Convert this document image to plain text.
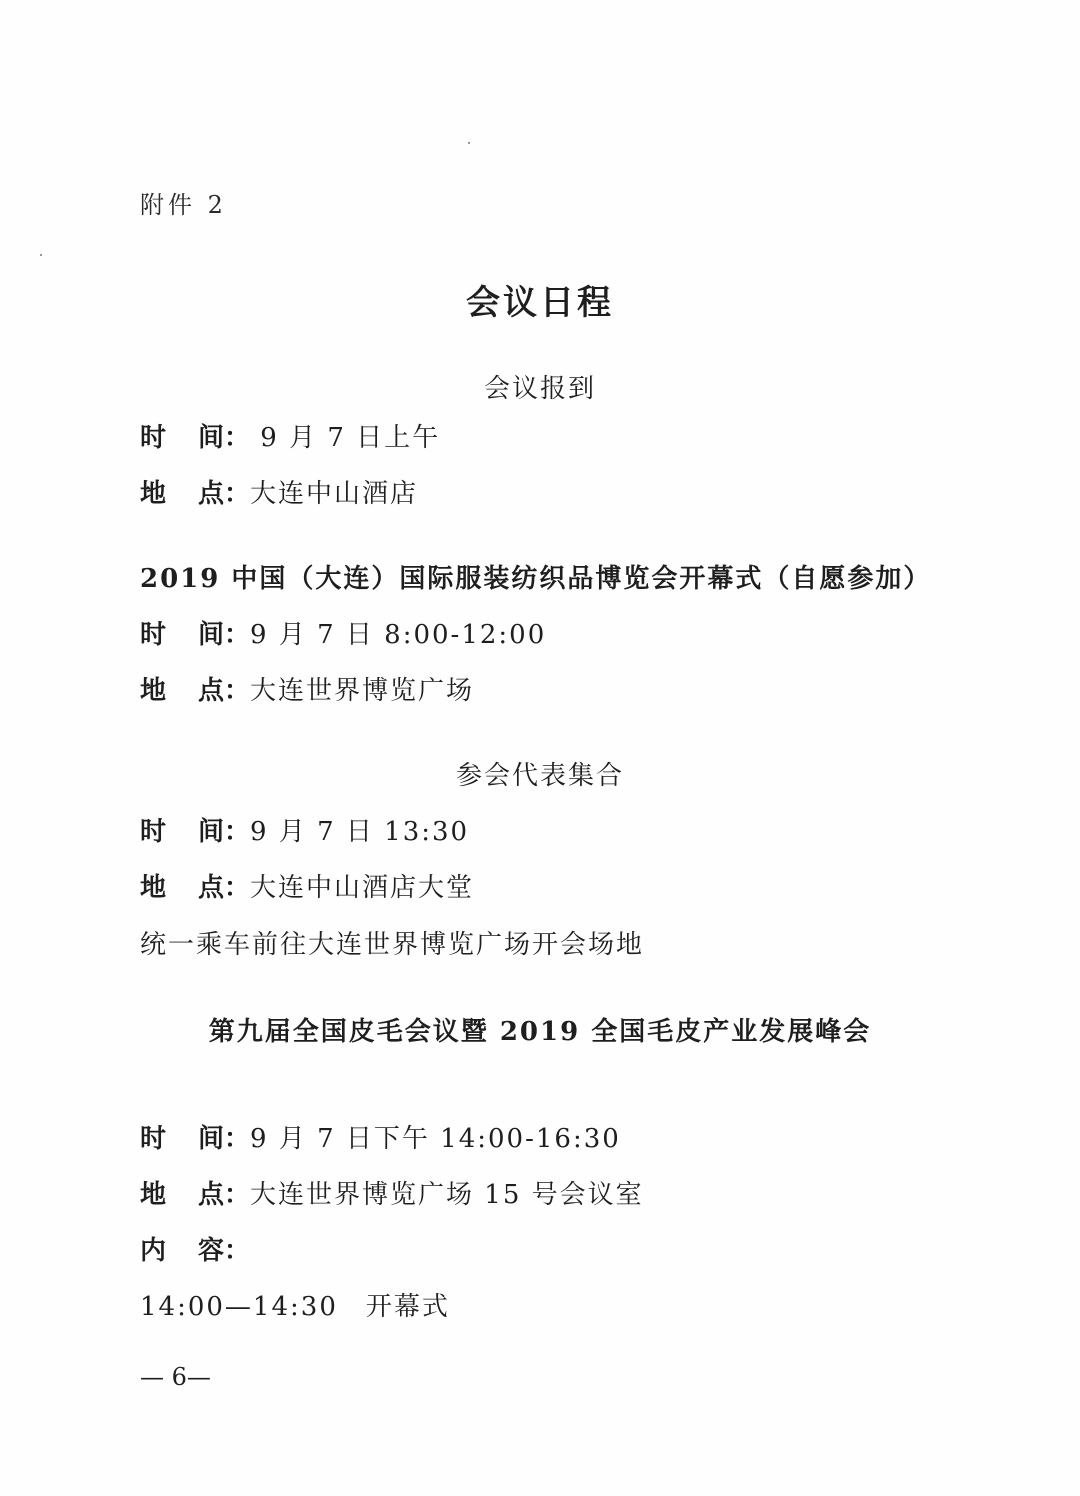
附件 2
会议日程
会议报到
时 间： 9 月 7 日上午
地 点：大连中山酒店
2019 中国（大连）国际服装纺织品博览会开幕式（自愿参加）
时 间：9 月 7 日 8:00-12:00
地 点：大连世界博览广场
参会代表集合
时 间：9 月 7 日 13:30
地 点：大连中山酒店大堂
统一乘车前往大连世界博览广场开会场地
第九届全国皮毛会议暨 2019 全国毛皮产业发展峰会
时 间：9 月 7 日下午 14:00-16:30
地 点：大连世界博览广场 15 号会议室
内 容：
14:00—14:30　开幕式
— 6—
